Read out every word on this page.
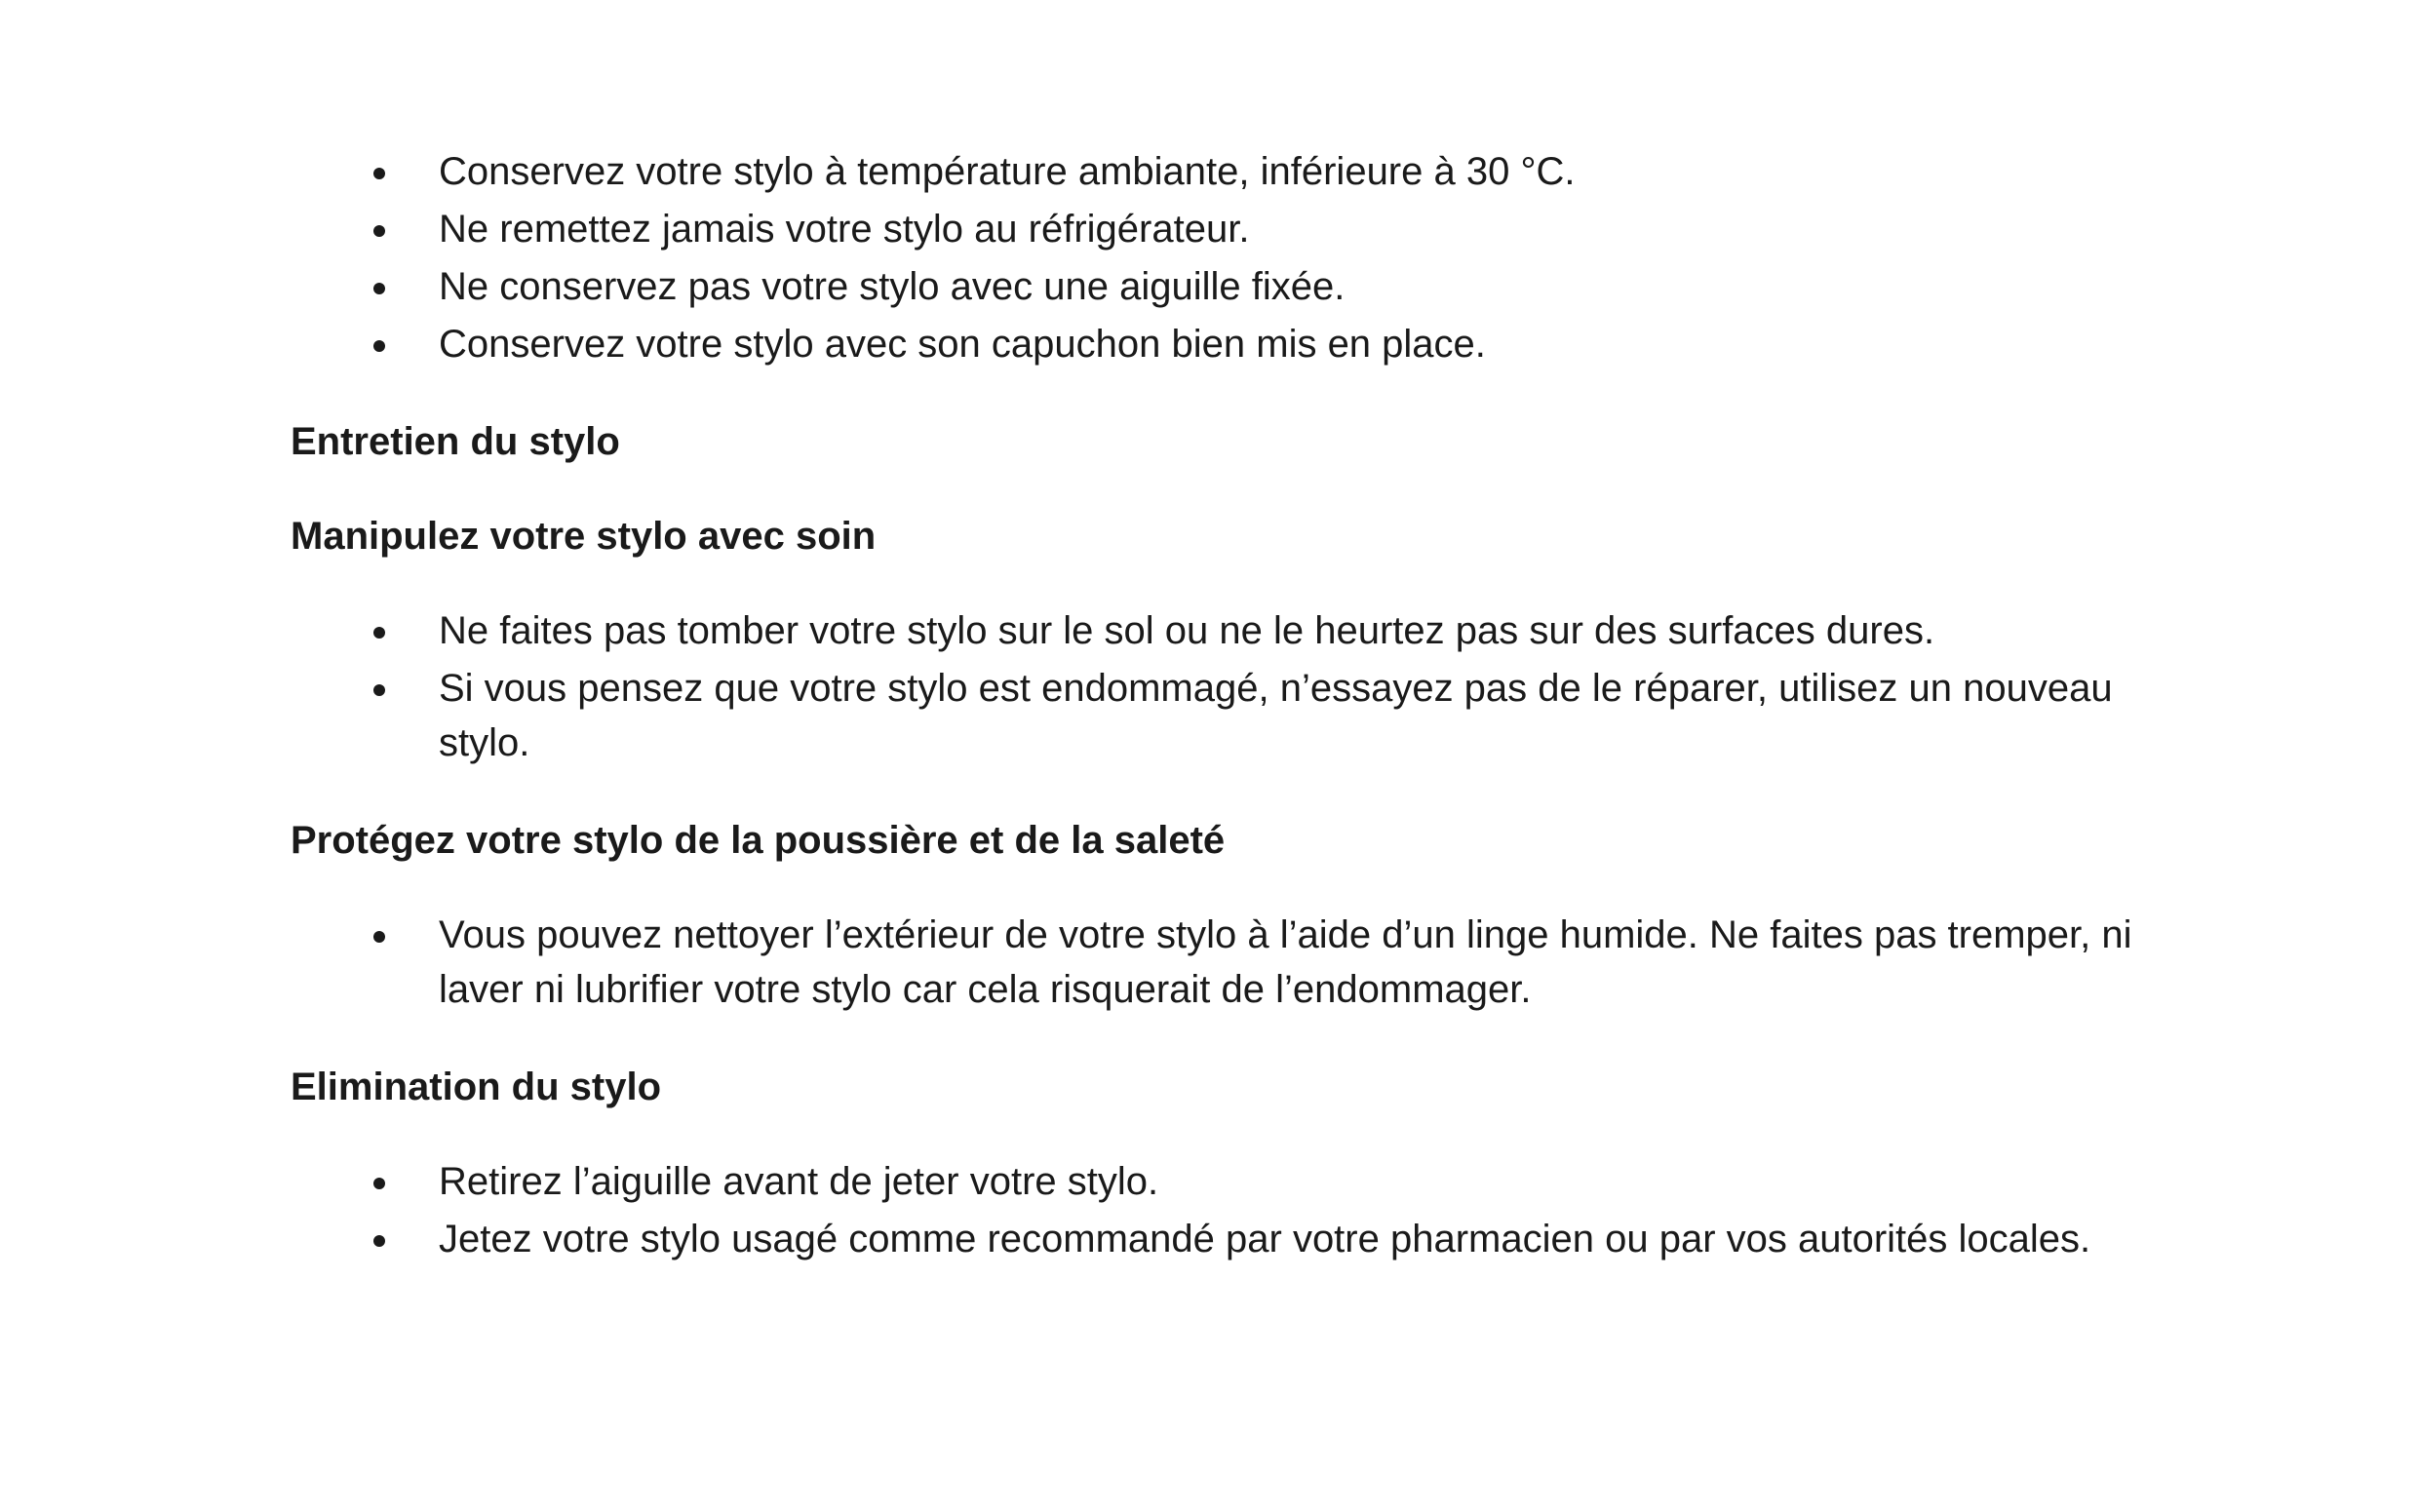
Conservez votre stylo à température ambiante, inférieure à 30 °C.
Ne remettez jamais votre stylo au réfrigérateur.
Ne conservez pas votre stylo avec une aiguille fixée.
Conservez votre stylo avec son capuchon bien mis en place.

Entretien du stylo

Manipulez votre stylo avec soin

Ne faites pas tomber votre stylo sur le sol ou ne le heurtez pas sur des surfaces dures.
Si vous pensez que votre stylo est endommagé, n’essayez pas de le réparer, utilisez un nouveau stylo.

Protégez votre stylo de la poussière et de la saleté

Vous pouvez nettoyer l’extérieur de votre stylo à l’aide d’un linge humide. Ne faites pas tremper, ni laver ni lubrifier votre stylo car cela risquerait de l’endommager.

Elimination du stylo

Retirez l’aiguille avant de jeter votre stylo.
Jetez votre stylo usagé comme recommandé par votre pharmacien ou par vos autorités locales.
